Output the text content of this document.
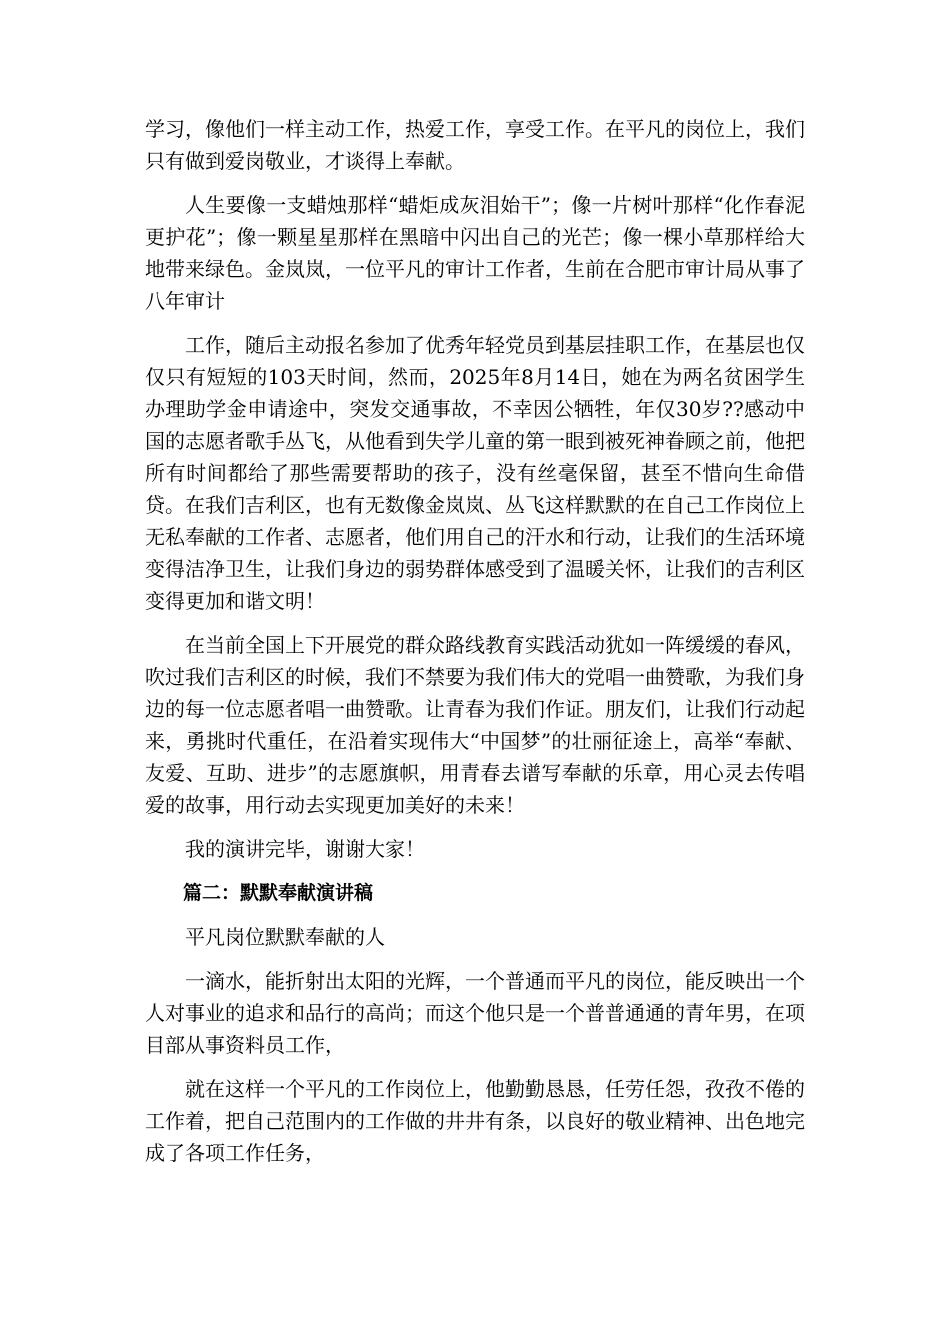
学习，像他们一样主动工作，热爱工作，享受工作。在平凡的岗位上，我们只有做到爱岗敬业，才谈得上奉献。

人生要像一支蜡烛那样“蜡炬成灰泪始干”；像一片树叶那样“化作春泥更护花”；像一颗星星那样在黑暗中闪出自己的光芒；像一棵小草那样给大地带来绿色。金岚岚，一位平凡的审计工作者，生前在合肥市审计局从事了八年审计

工作，随后主动报名参加了优秀年轻党员到基层挂职工作，在基层也仅仅只有短短的103天时间，然而，2025年8月14日，她在为两名贫困学生办理助学金申请途中，突发交通事故，不幸因公牺牲，年仅30岁??感动中国的志愿者歌手丛飞，从他看到失学儿童的第一眼到被死神眷顾之前，他把所有时间都给了那些需要帮助的孩子，没有丝毫保留，甚至不惜向生命借贷。在我们吉利区，也有无数像金岚岚、丛飞这样默默的在自己工作岗位上无私奉献的工作者、志愿者，他们用自己的汗水和行动，让我们的生活环境变得洁净卫生，让我们身边的弱势群体感受到了温暖关怀，让我们的吉利区变得更加和谐文明！

在当前全国上下开展党的群众路线教育实践活动犹如一阵缓缓的春风，吹过我们吉利区的时候，我们不禁要为我们伟大的党唱一曲赞歌，为我们身边的每一位志愿者唱一曲赞歌。让青春为我们作证。朋友们，让我们行动起来，勇挑时代重任，在沿着实现伟大“中国梦”的壮丽征途上，高举“奉献、友爱、互助、进步”的志愿旗帜，用青春去谱写奉献的乐章，用心灵去传唱爱的故事，用行动去实现更加美好的未来！

我的演讲完毕，谢谢大家！

篇二：默默奉献演讲稿

平凡岗位默默奉献的人

一滴水，能折射出太阳的光辉，一个普通而平凡的岗位，能反映出一个人对事业的追求和品行的高尚；而这个他只是一个普普通通的青年男，在项目部从事资料员工作，

就在这样一个平凡的工作岗位上，他勤勤恳恳，任劳任怨，孜孜不倦的工作着，把自己范围内的工作做的井井有条，以良好的敬业精神、出色地完成了各项工作任务，
